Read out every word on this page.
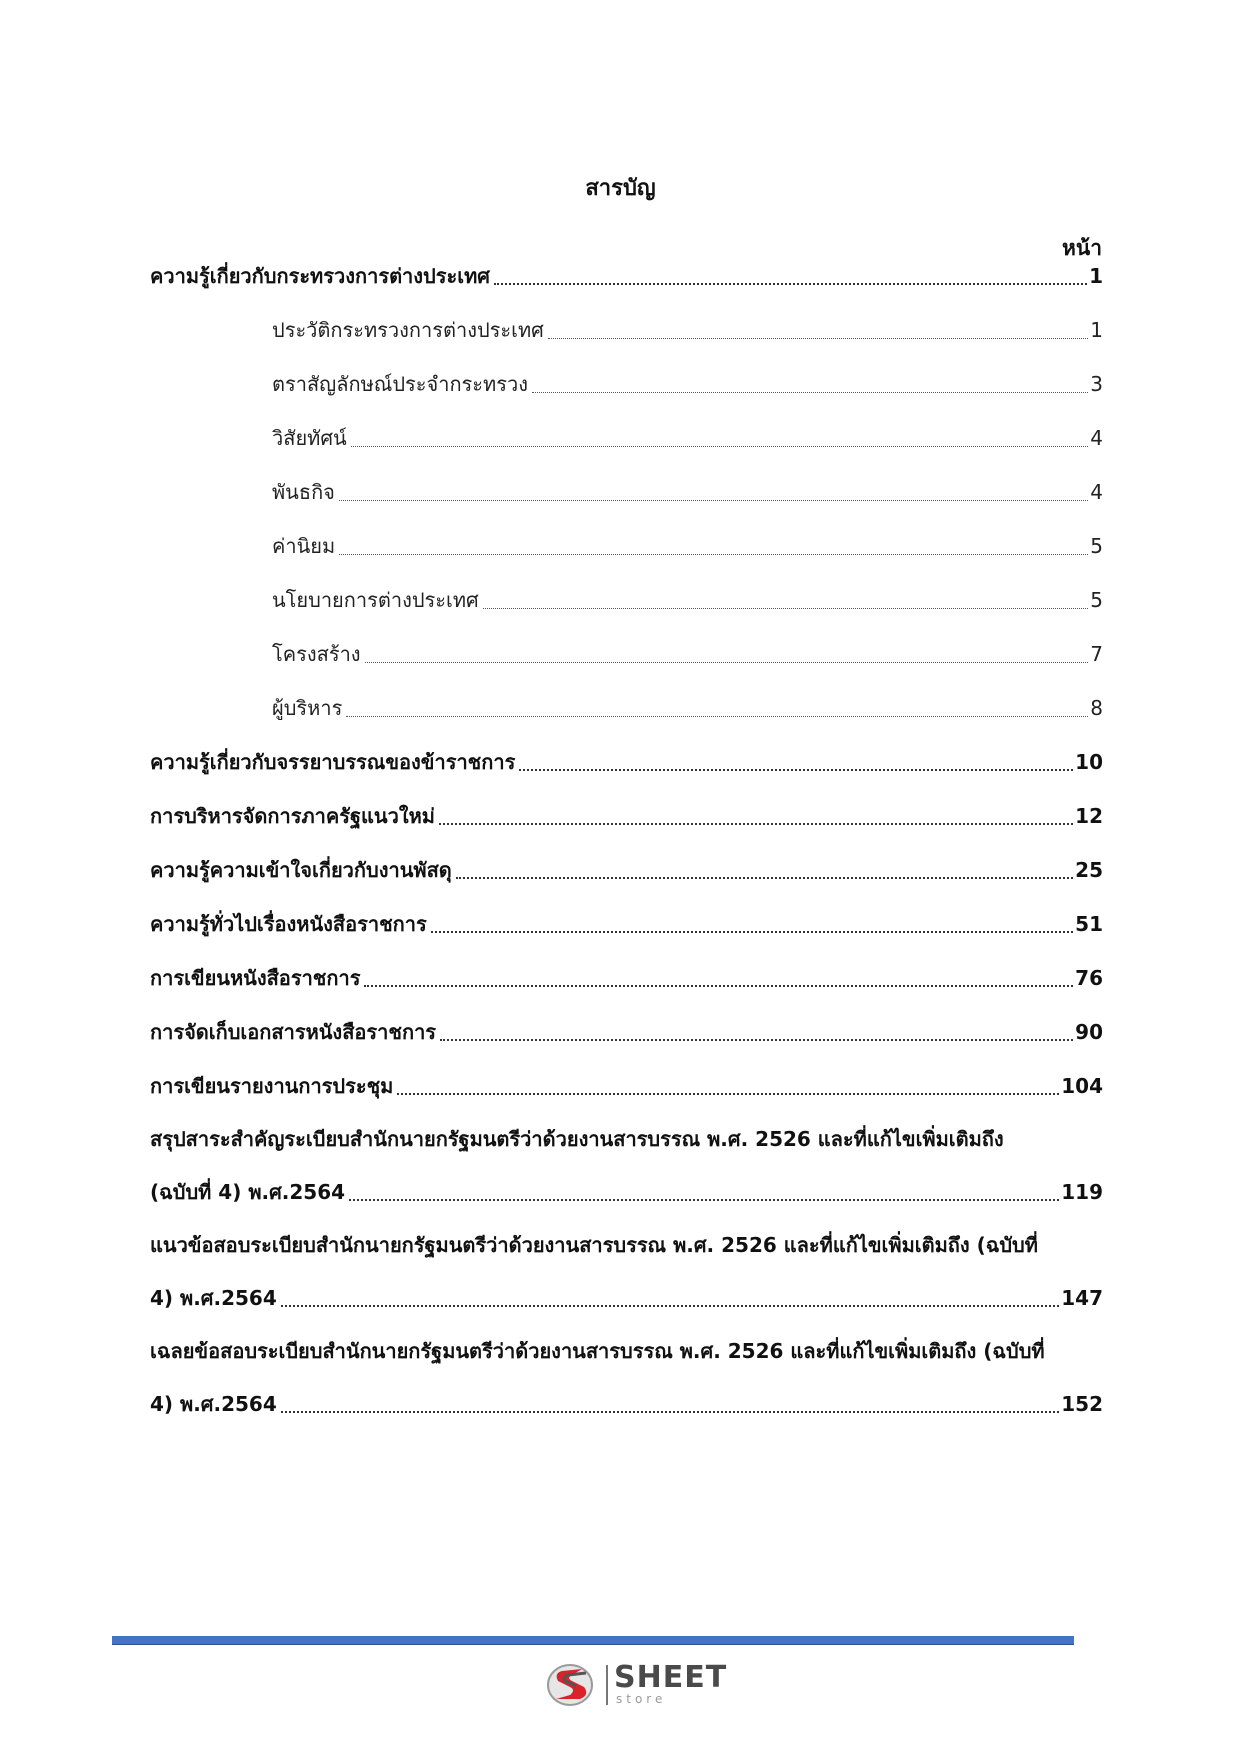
สารบัญ
หน้า
ความรู้เกี่ยวกับกระทรวงการต่างประเทศ	1
ประวัติกระทรวงการต่างประเทศ	1
ตราสัญลักษณ์ประจำกระทรวง	3
วิสัยทัศน์	4
พันธกิจ	4
ค่านิยม	5
นโยบายการต่างประเทศ	5
โครงสร้าง	7
ผู้บริหาร	8
ความรู้เกี่ยวกับจรรยาบรรณของข้าราชการ	10
การบริหารจัดการภาครัฐแนวใหม่	12
ความรู้ความเข้าใจเกี่ยวกับงานพัสดุ	25
ความรู้ทั่วไปเรื่องหนังสือราชการ	51
การเขียนหนังสือราชการ	76
การจัดเก็บเอกสารหนังสือราชการ	90
การเขียนรายงานการประชุม	104
สรุปสาระสำคัญระเบียบสำนักนายกรัฐมนตรีว่าด้วยงานสารบรรณ พ.ศ. 2526 และที่แก้ไขเพิ่มเติมถึง
(ฉบับที่ 4) พ.ศ.2564	119
แนวข้อสอบระเบียบสำนักนายกรัฐมนตรีว่าด้วยงานสารบรรณ พ.ศ. 2526 และที่แก้ไขเพิ่มเติมถึง (ฉบับที่
4) พ.ศ.2564	147
เฉลยข้อสอบระเบียบสำนักนายกรัฐมนตรีว่าด้วยงานสารบรรณ พ.ศ. 2526 และที่แก้ไขเพิ่มเติมถึง (ฉบับที่
4) พ.ศ.2564	152
SHEET
store
